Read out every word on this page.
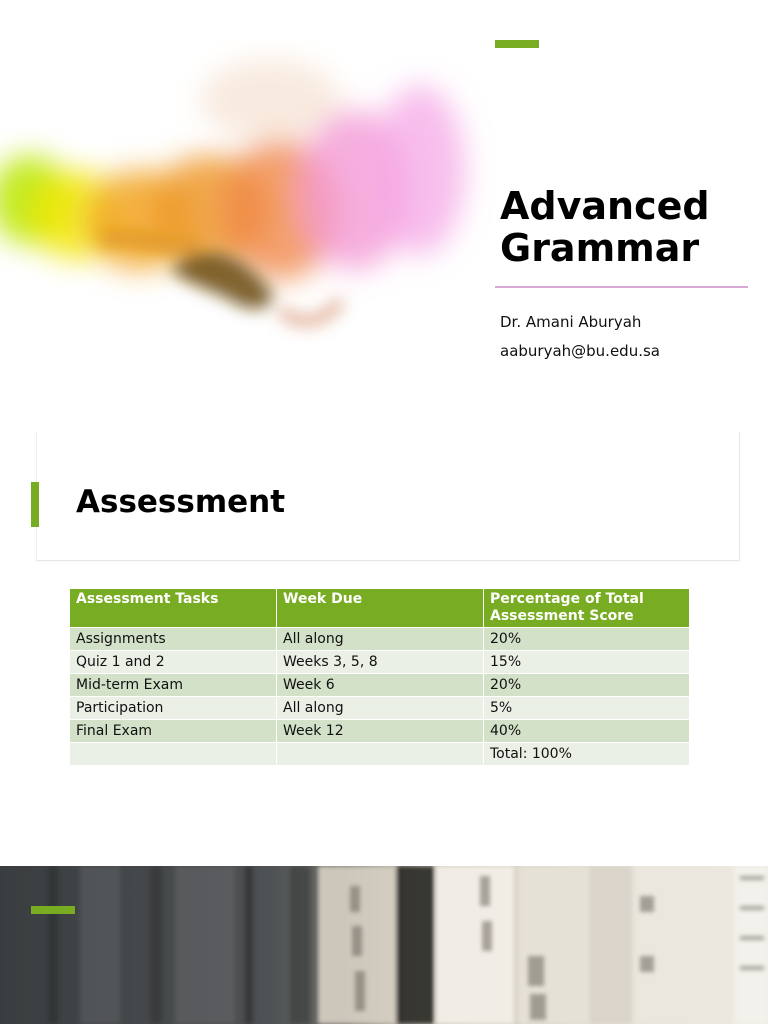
Advanced
Grammar
Dr. Amani Aburyah
aaburyah@bu.edu.sa
Assessment
Assessment Tasks	Week Due	Percentage of Total Assessment Score
Assignments	All along	20%
Quiz 1 and 2	Weeks 3, 5, 8	15%
Mid-term Exam	Week 6	20%
Participation	All along	5%
Final Exam	Week 12	40%
		Total: 100%
